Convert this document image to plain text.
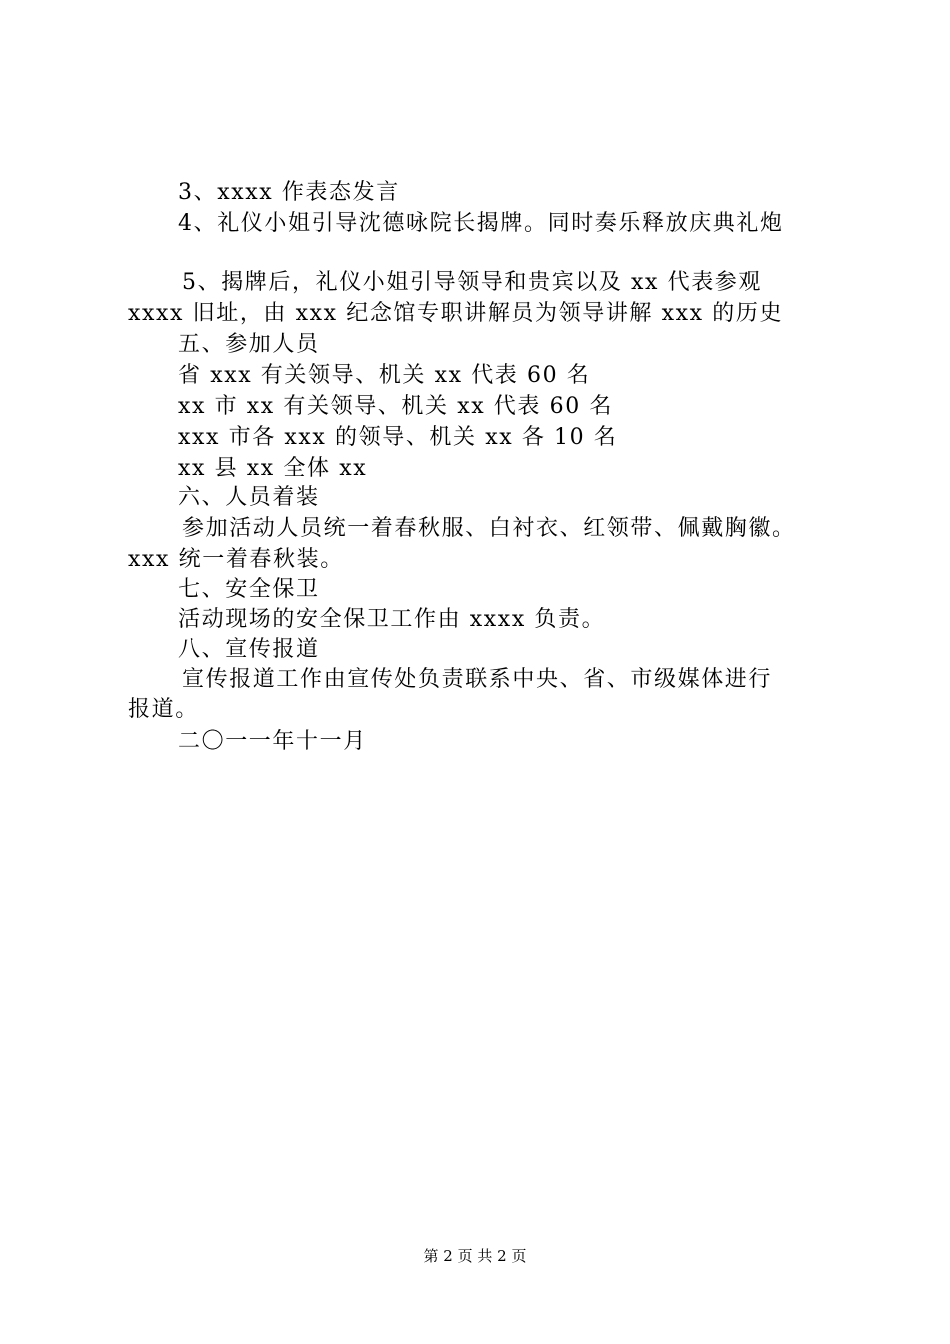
3、xxxx 作表态发言
4、礼仪小姐引导沈德咏院长揭牌。同时奏乐释放庆典礼炮
5、揭牌后，礼仪小姐引导领导和贵宾以及 xx 代表参观
xxxx 旧址，由 xxx 纪念馆专职讲解员为领导讲解 xxx 的历史
五、参加人员
省 xxx 有关领导、机关 xx 代表 60 名
xx 市 xx 有关领导、机关 xx 代表 60 名
xxx 市各 xxx 的领导、机关 xx 各 10 名
xx 县 xx 全体 xx
六、人员着装
参加活动人员统一着春秋服、白衬衣、红领带、佩戴胸徽。
xxx 统一着春秋装。
七、安全保卫
活动现场的安全保卫工作由 xxxx 负责。
八、宣传报道
宣传报道工作由宣传处负责联系中央、省、市级媒体进行
报道。
二〇一一年十一月
第 2 页 共 2 页
